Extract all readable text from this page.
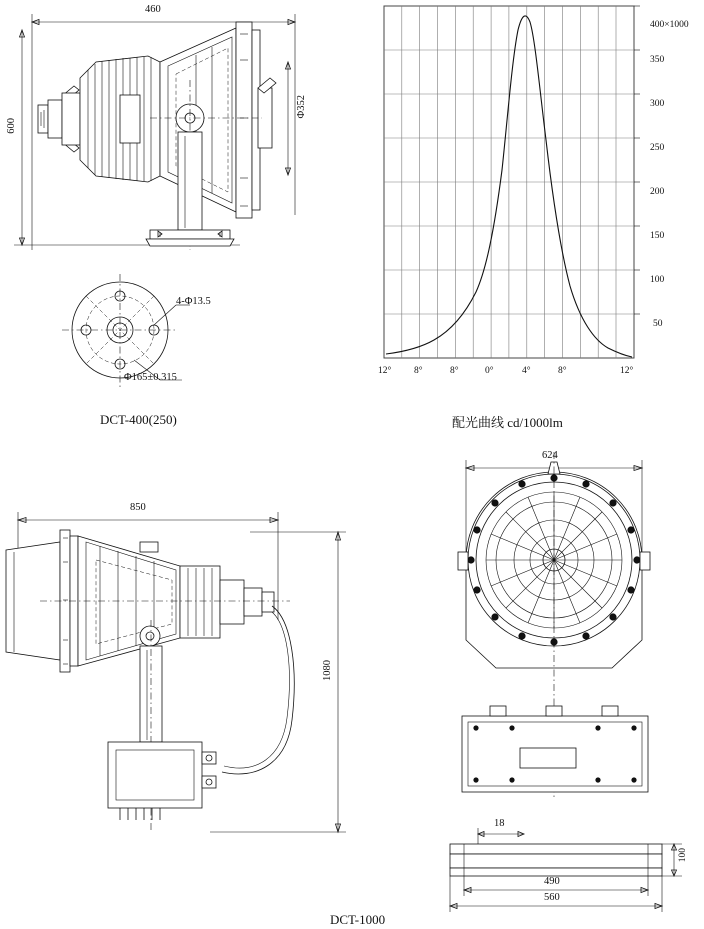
460
600
Φ352
4-Φ13.5
Φ165±0.315
DCT-400(250)
400×1000
350
300
250
200
150
100
50
12° 8°	8°	0°	4°	8°	12°
配光曲线 cd/1000lm
850
1080
624
18
100
490
560
DCT-1000
